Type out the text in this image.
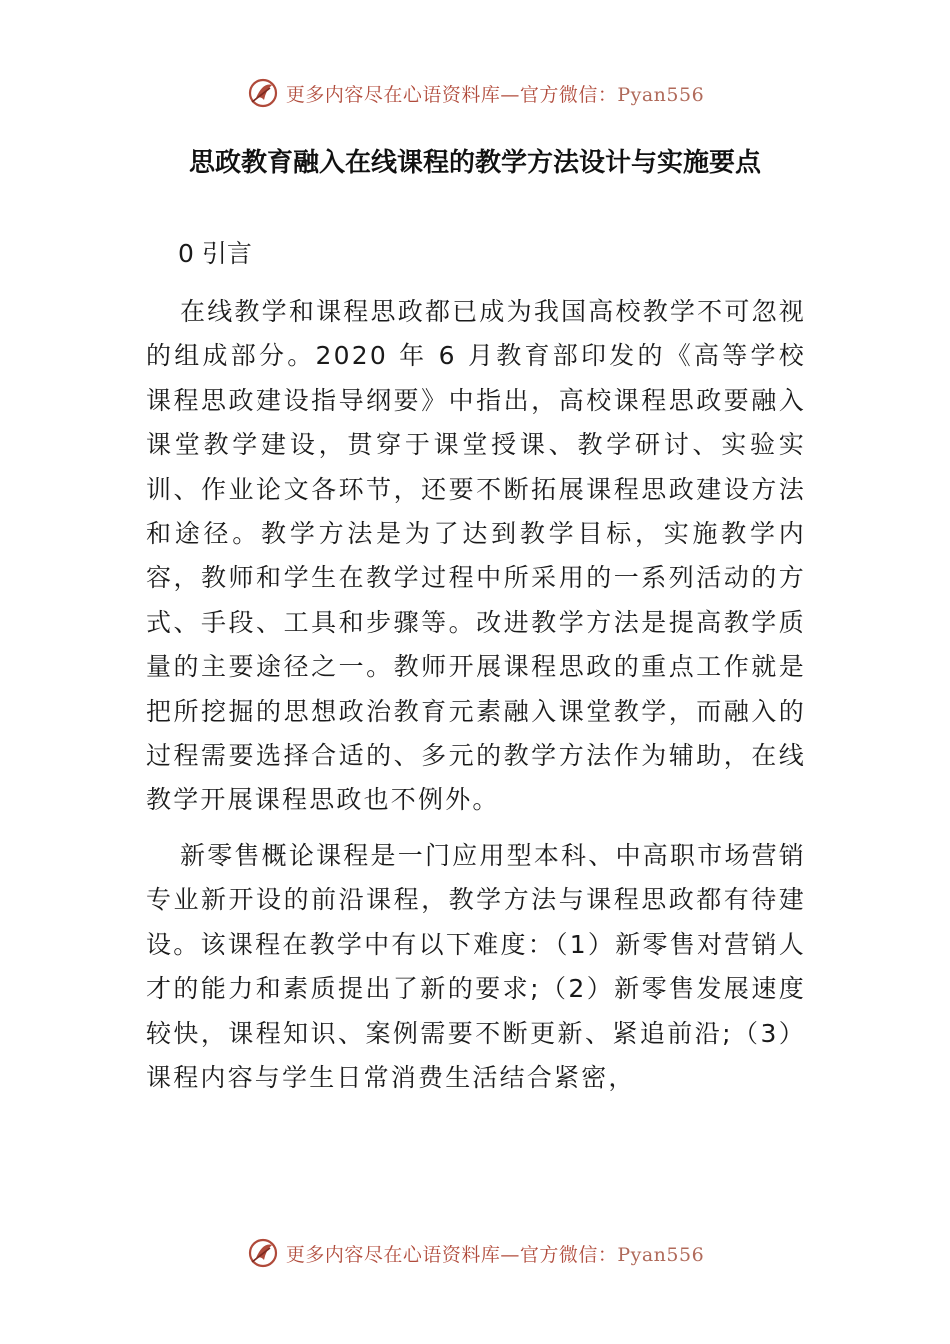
更多内容尽在心语资料库—官方微信：Pyan556
思政教育融入在线课程的教学方法设计与实施要点
0 引言
在线教学和课程思政都已成为我国高校教学不可忽视的组成部分。2020 年 6 月教育部印发的《高等学校课程思政建设指导纲要》中指出，高校课程思政要融入课堂教学建设，贯穿于课堂授课、教学研讨、实验实训、作业论文各环节，还要不断拓展课程思政建设方法和途径。教学方法是为了达到教学目标，实施教学内容，教师和学生在教学过程中所采用的一系列活动的方式、手段、工具和步骤等。改进教学方法是提高教学质量的主要途径之一。教师开展课程思政的重点工作就是把所挖掘的思想政治教育元素融入课堂教学，而融入的过程需要选择合适的、多元的教学方法作为辅助，在线教学开展课程思政也不例外。
新零售概论课程是一门应用型本科、中高职市场营销专业新开设的前沿课程，教学方法与课程思政都有待建设。该课程在教学中有以下难度：（1）新零售对营销人才的能力和素质提出了新的要求;（2）新零售发展速度较快，课程知识、案例需要不断更新、紧追前沿;（3）课程内容与学生日常消费生活结合紧密，
更多内容尽在心语资料库—官方微信：Pyan556
